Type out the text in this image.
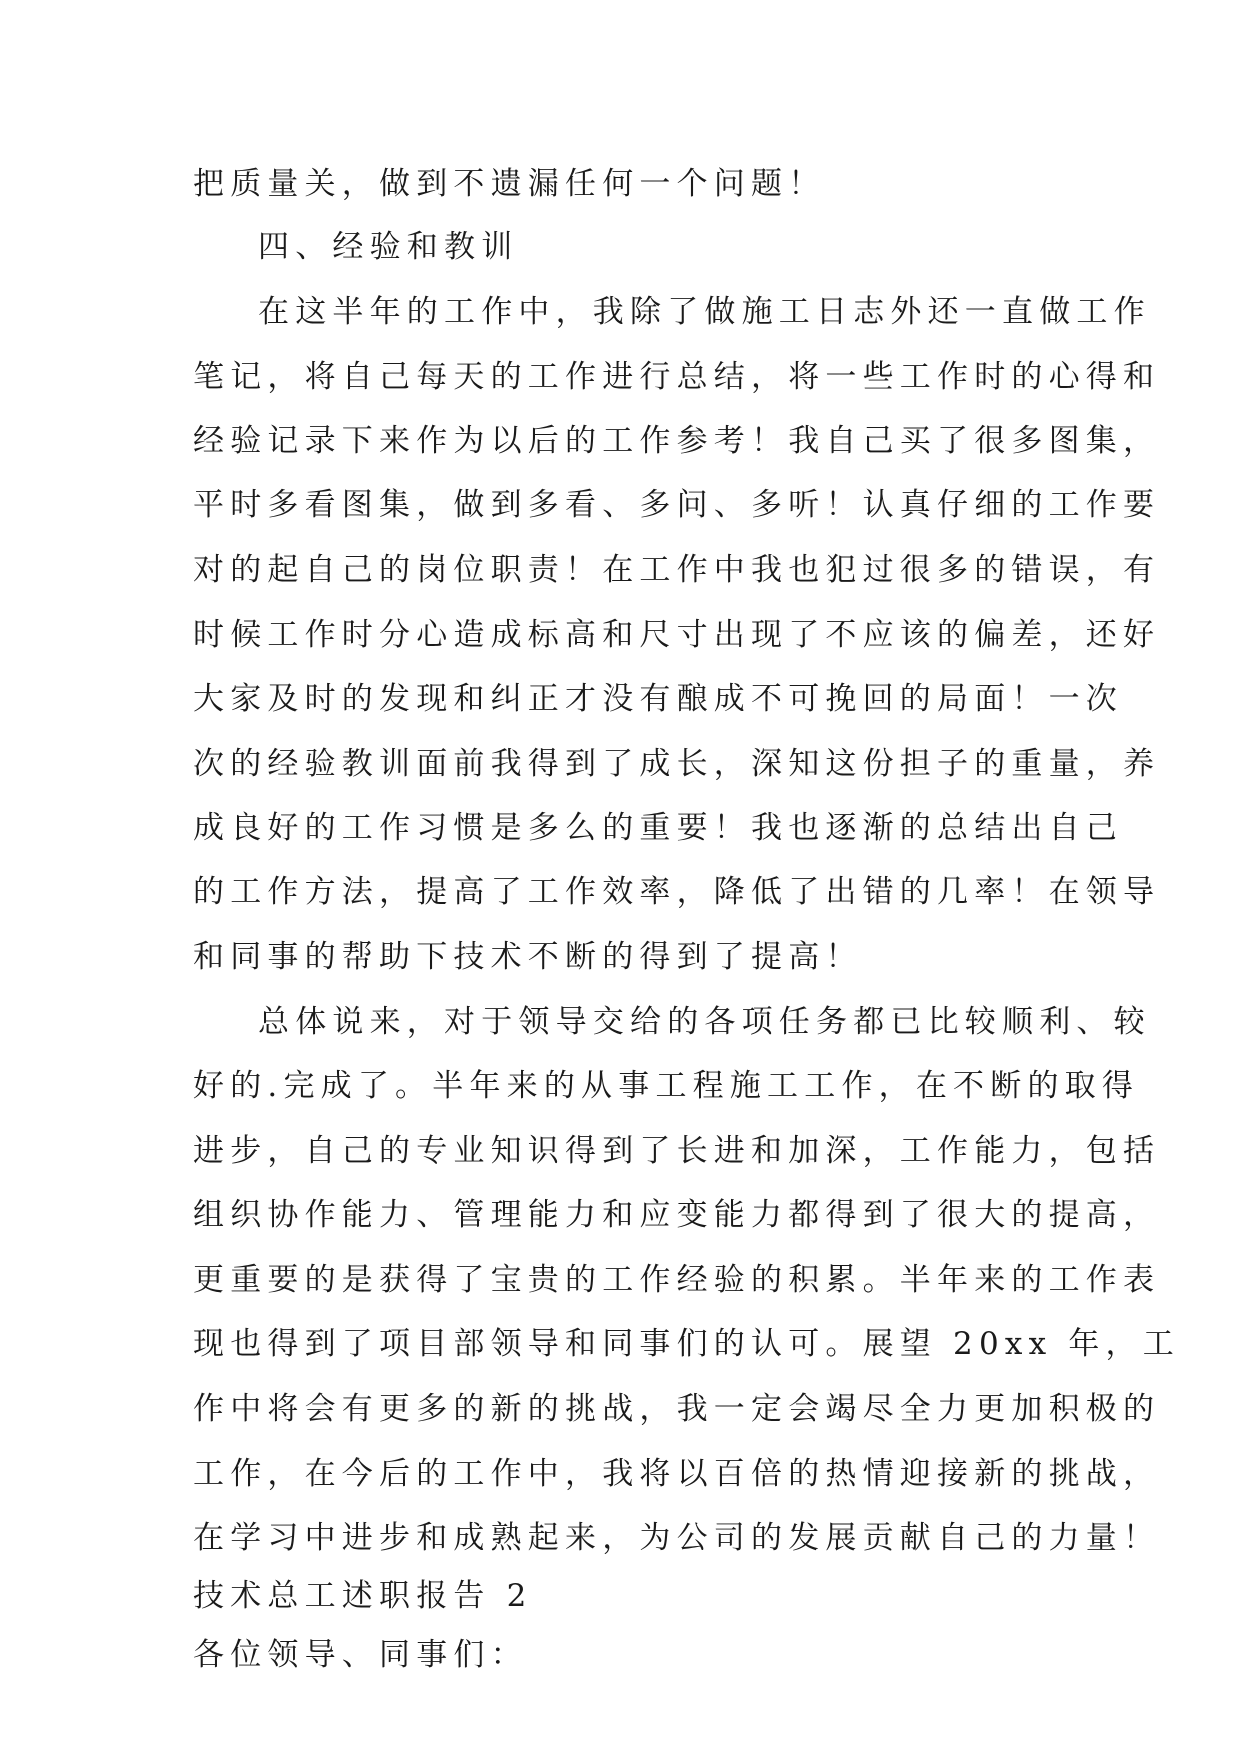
把质量关，做到不遗漏任何一个问题！
四、经验和教训
在这半年的工作中，我除了做施工日志外还一直做工作
笔记，将自己每天的工作进行总结，将一些工作时的心得和
经验记录下来作为以后的工作参考！我自己买了很多图集，
平时多看图集，做到多看、多问、多听！认真仔细的工作要
对的起自己的岗位职责！在工作中我也犯过很多的错误，有
时候工作时分心造成标高和尺寸出现了不应该的偏差，还好
大家及时的发现和纠正才没有酿成不可挽回的局面！一次
次的经验教训面前我得到了成长，深知这份担子的重量，养
成良好的工作习惯是多么的重要！我也逐渐的总结出自己
的工作方法，提高了工作效率，降低了出错的几率！在领导
和同事的帮助下技术不断的得到了提高！
总体说来，对于领导交给的各项任务都已比较顺利、较
好的.完成了。半年来的从事工程施工工作，在不断的取得
进步，自己的专业知识得到了长进和加深，工作能力，包括
组织协作能力、管理能力和应变能力都得到了很大的提高，
更重要的是获得了宝贵的工作经验的积累。半年来的工作表
现也得到了项目部领导和同事们的认可。展望 20xx 年，工
作中将会有更多的新的挑战，我一定会竭尽全力更加积极的
工作，在今后的工作中，我将以百倍的热情迎接新的挑战，
在学习中进步和成熟起来，为公司的发展贡献自己的力量！
技术总工述职报告 2
各位领导、同事们：
